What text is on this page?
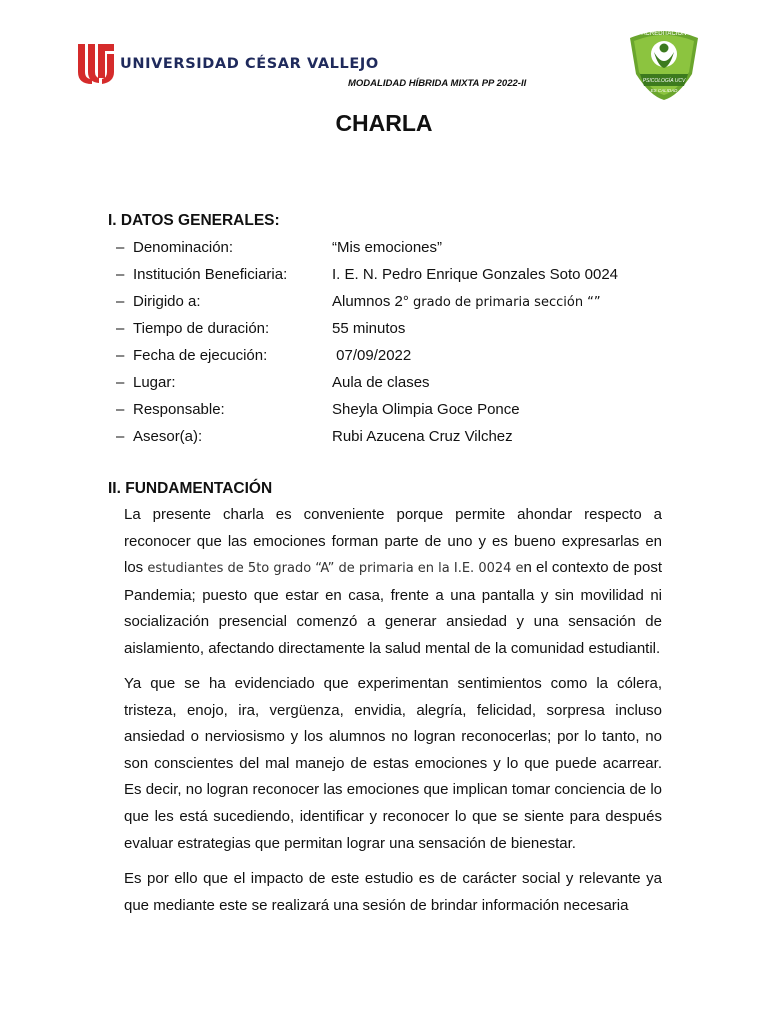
UNIVERSIDAD CÉSAR VALLEJO
MODALIDAD HÍBRIDA MIXTA PP 2022-II
ACREDITACIÓN
PSICOLOGÍA UCV
ES CALIDAD
CHARLA
I. DATOS GENERALES:
– Denominación:	“Mis emociones”
– Institución Beneficiaria:	I. E. N. Pedro Enrique Gonzales Soto 0024
– Dirigido a:	Alumnos 2° grado de primaria sección “”
– Tiempo de duración:	55 minutos
– Fecha de ejecución:	07/09/2022
– Lugar:	Aula de clases
– Responsable:	Sheyla Olimpia Goce Ponce
– Asesor(a):	Rubi Azucena Cruz Vilchez
II. FUNDAMENTACIÓN
La presente charla es conveniente porque permite ahondar respecto a reconocer que las emociones forman parte de uno y es bueno expresarlas en los estudiantes de 5to grado “A” de primaria en la I.E. 0024 en el contexto de post Pandemia; puesto que estar en casa, frente a una pantalla y sin movilidad ni socialización presencial comenzó a generar ansiedad y una sensación de aislamiento, afectando directamente la salud mental de la comunidad estudiantil.
Ya que se ha evidenciado que experimentan sentimientos como la cólera, tristeza, enojo, ira, vergüenza, envidia, alegría, felicidad, sorpresa incluso ansiedad o nerviosismo y los alumnos no logran reconocerlas; por lo tanto, no son conscientes del mal manejo de estas emociones y lo que puede acarrear. Es decir, no logran reconocer las emociones que implican tomar conciencia de lo que les está sucediendo, identificar y reconocer lo que se siente para después evaluar estrategias que permitan lograr una sensación de bienestar.
Es por ello que el impacto de este estudio es de carácter social y relevante ya que mediante este se realizará una sesión de brindar información necesaria
